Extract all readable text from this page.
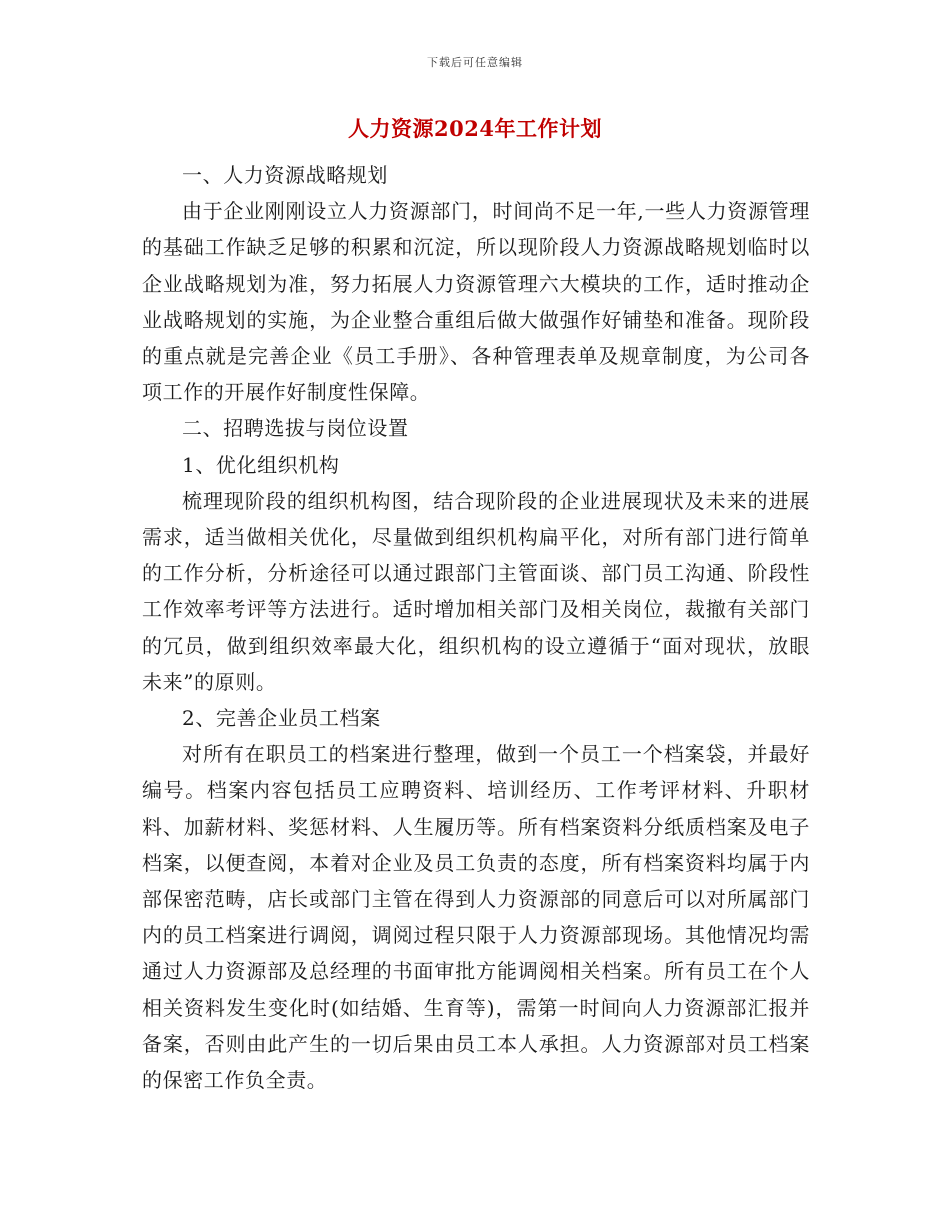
下载后可任意编辑
人力资源2024年工作计划

一、人力资源战略规划

由于企业刚刚设立人力资源部门，时间尚不足一年,一些人力资源管理的基础工作缺乏足够的积累和沉淀，所以现阶段人力资源战略规划临时以企业战略规划为准，努力拓展人力资源管理六大模块的工作，适时推动企业战略规划的实施，为企业整合重组后做大做强作好铺垫和准备。现阶段的重点就是完善企业《员工手册》、各种管理表单及规章制度，为公司各项工作的开展作好制度性保障。

二、招聘选拔与岗位设置

1、优化组织机构

梳理现阶段的组织机构图，结合现阶段的企业进展现状及未来的进展需求，适当做相关优化，尽量做到组织机构扁平化，对所有部门进行简单的工作分析，分析途径可以通过跟部门主管面谈、部门员工沟通、阶段性工作效率考评等方法进行。适时增加相关部门及相关岗位，裁撤有关部门的冗员，做到组织效率最大化，组织机构的设立遵循于“面对现状，放眼未来”的原则。

2、完善企业员工档案

对所有在职员工的档案进行整理，做到一个员工一个档案袋，并最好编号。档案内容包括员工应聘资料、培训经历、工作考评材料、升职材料、加薪材料、奖惩材料、人生履历等。所有档案资料分纸质档案及电子档案，以便查阅，本着对企业及员工负责的态度，所有档案资料均属于内部保密范畴，店长或部门主管在得到人力资源部的同意后可以对所属部门内的员工档案进行调阅，调阅过程只限于人力资源部现场。其他情况均需通过人力资源部及总经理的书面审批方能调阅相关档案。所有员工在个人相关资料发生变化时(如结婚、生育等)，需第一时间向人力资源部汇报并备案，否则由此产生的一切后果由员工本人承担。人力资源部对员工档案的保密工作负全责。
